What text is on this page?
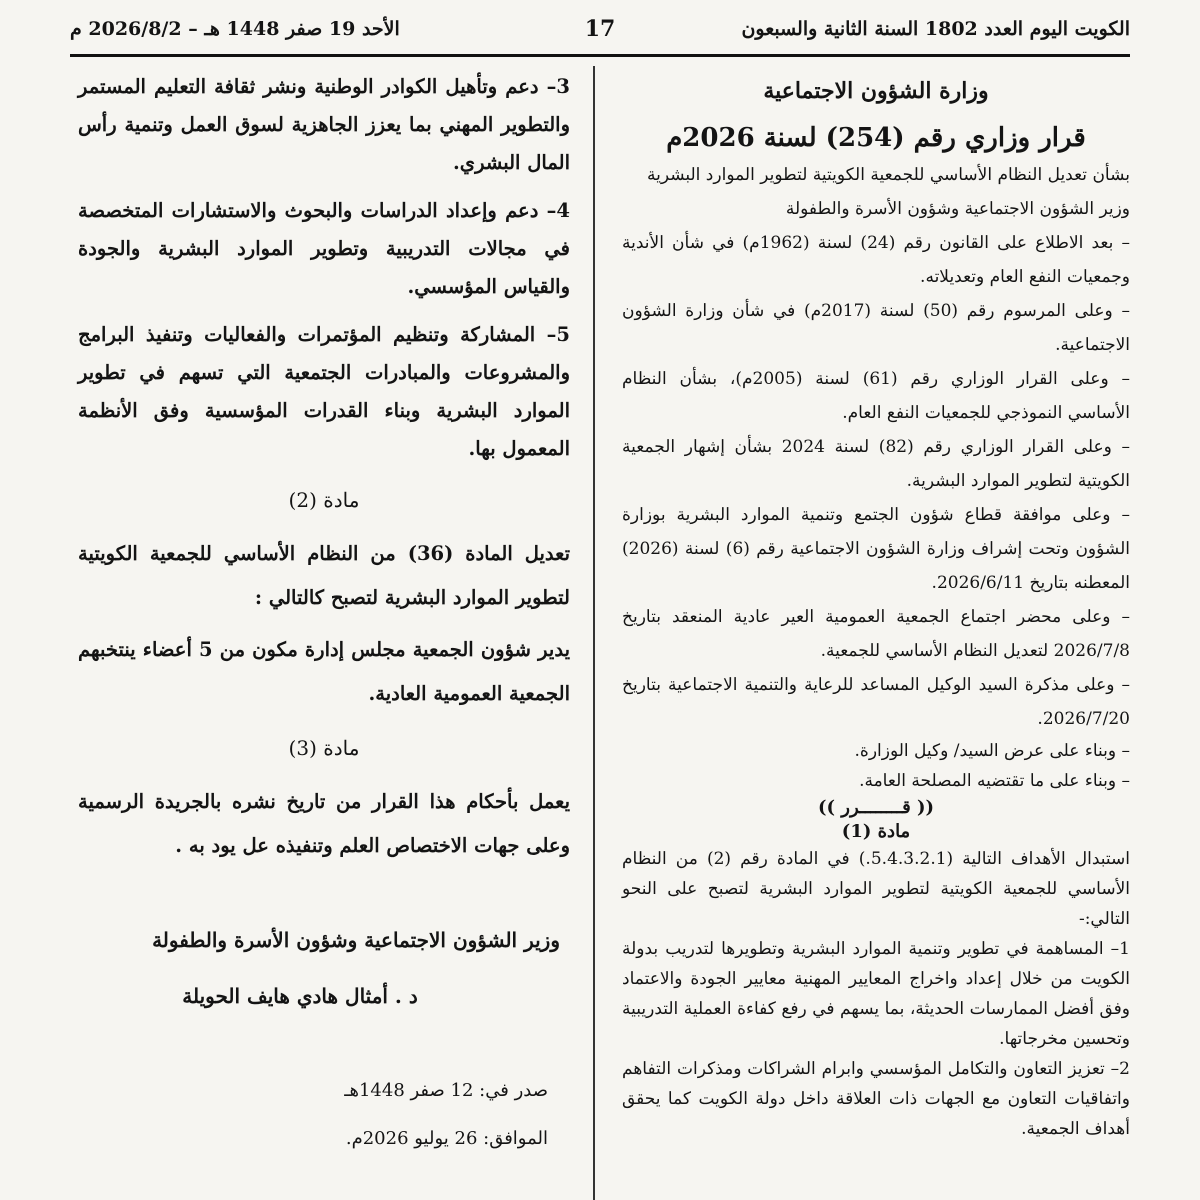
الكويت اليوم العدد 1802 السنة الثانية والسبعون
17
الأحد 19 صفر 1448 هـ – 2026/8/2 م

وزارة الشؤون الاجتماعية

قرار وزاري رقم (254) لسنة 2026م

بشأن تعديل النظام الأساسي للجمعية الكويتية لتطوير الموارد البشرية

وزير الشؤون الاجتماعية وشؤون الأسرة والطفولة

– بعد الاطلاع على القانون رقم (24) لسنة (1962م) في شأن الأندية وجمعيات النفع العام وتعديلاته.

– وعلى المرسوم رقم (50) لسنة (2017م) في شأن وزارة الشؤون الاجتماعية.

– وعلى القرار الوزاري رقم (61) لسنة (2005م)، بشأن النظام الأساسي النموذجي للجمعيات النفع العام.

– وعلى القرار الوزاري رقم (82) لسنة 2024 بشأن إشهار الجمعية الكويتية لتطوير الموارد البشرية.

– وعلى موافقة قطاع شؤون الجتمع وتنمية الموارد البشرية بوزارة الشؤون وتحت إشراف وزارة الشؤون الاجتماعية رقم (6) لسنة (2026) المعطنه بتاريخ 2026/6/11.

– وعلى محضر اجتماع الجمعية العمومية العير عادية المنعقد بتاريخ 2026/7/8 لتعديل النظام الأساسي للجمعية.

– وعلى مذكرة السيد الوكيل المساعد للرعاية والتنمية الاجتماعية بتاريخ 2026/7/20.

– وبناء على عرض السيد/ وكيل الوزارة.

– وبناء على ما تقتضيه المصلحة العامة.

(( قــــــــرر ))

مادة (1)

استبدال الأهداف التالية (5.4.3.2.1.) في المادة رقم (2) من النظام الأساسي للجمعية الكويتية لتطوير الموارد البشرية لتصبح على النحو التالي:-

1– المساهمة في تطوير وتنمية الموارد البشرية وتطويرها لتدريب بدولة الكويت من خلال إعداد واخراج المعايير المهنية معايير الجودة والاعتماد وفق أفضل الممارسات الحديثة، بما يسهم في رفع كفاءة العملية التدريبية وتحسين مخرجاتها.

2– تعزيز التعاون والتكامل المؤسسي وابرام الشراكات ومذكرات التفاهم واتفاقيات التعاون مع الجهات ذات العلاقة داخل دولة الكويت كما يحقق أهداف الجمعية.

3– دعم وتأهيل الكوادر الوطنية ونشر ثقافة التعليم المستمر والتطوير المهني بما يعزز الجاهزية لسوق العمل وتنمية رأس المال البشري.

4– دعم وإعداد الدراسات والبحوث والاستشارات المتخصصة في مجالات التدريبية وتطوير الموارد البشرية والجودة والقياس المؤسسي.

5– المشاركة وتنظيم المؤتمرات والفعاليات وتنفيذ البرامج والمشروعات والمبادرات الجتمعية التي تسهم في تطوير الموارد البشرية وبناء القدرات المؤسسية وفق الأنظمة المعمول بها.

مادة (2)

تعديل المادة (36) من النظام الأساسي للجمعية الكويتية لتطوير الموارد البشرية لتصبح كالتالي :

يدير شؤون الجمعية مجلس إدارة مكون من 5 أعضاء ينتخبهم الجمعية العمومية العادية.

مادة (3)

يعمل بأحكام هذا القرار من تاريخ نشره بالجريدة الرسمية وعلى جهات الاختصاص العلم وتنفيذه عل يود به .

وزير الشؤون الاجتماعية وشؤون الأسرة والطفولة
د . أمثال هادي هايف الحويلة
صدر في: 12 صفر 1448هـ
الموافق: 26 يوليو 2026م.
